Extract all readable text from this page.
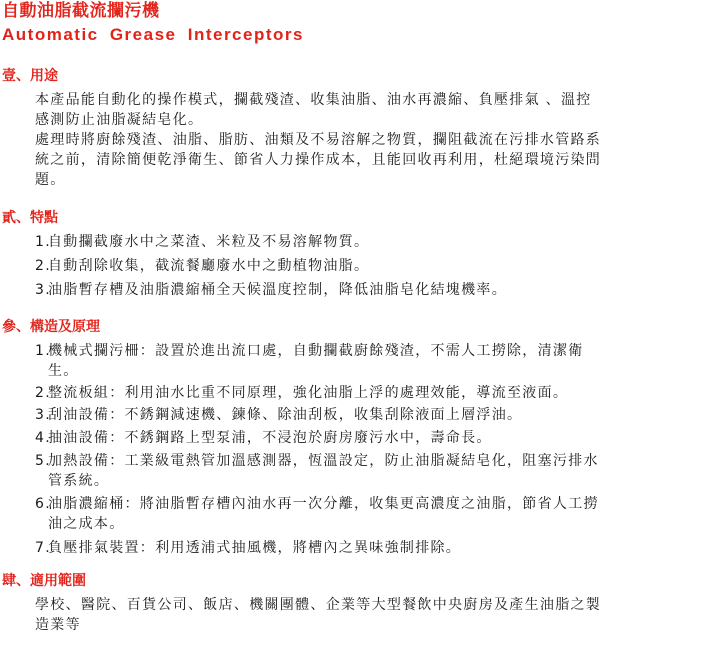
自動油脂截流攔污機
Automatic Grease Interceptors
壹、用途
本產品能自動化的操作模式，攔截殘渣、收集油脂、油水再濃縮、負壓排氣 、溫控
感測防止油脂凝結皂化。
處理時將廚餘殘渣、油脂、脂肪、油類及不易溶解之物質，攔阻截流在污排水管路系
統之前，清除簡便乾淨衛生、節省人力操作成本，且能回收再利用，杜絕環境污染問
題。
貳、特點
1.自動攔截廢水中之菜渣、米粒及不易溶解物質。
2.自動刮除收集，截流餐廳廢水中之動植物油脂。
3.油脂暫存槽及油脂濃縮桶全天候溫度控制，降低油脂皂化結塊機率。
參、構造及原理
1.機械式攔污柵：設置於進出流口處，自動攔截廚餘殘渣，不需人工撈除，清潔衛
生。
2.整流板組：利用油水比重不同原理，強化油脂上浮的處理效能，導流至液面。
3.刮油設備：不銹鋼減速機、鍊條、除油刮板，收集刮除液面上層浮油。
4.抽油設備：不銹鋼路上型泵浦，不浸泡於廚房廢污水中，壽命長。
5.加熱設備：工業級電熱管加溫感測器，恆溫設定，防止油脂凝結皂化，阻塞污排水
管系統。
6.油脂濃縮桶：將油脂暫存槽內油水再一次分離，收集更高濃度之油脂，節省人工撈
油之成本。
7.負壓排氣裝置：利用透浦式抽風機，將槽內之異味強制排除。
肆、適用範圍
學校、醫院、百貨公司、飯店、機關團體、企業等大型餐飲中央廚房及產生油脂之製
造業等
